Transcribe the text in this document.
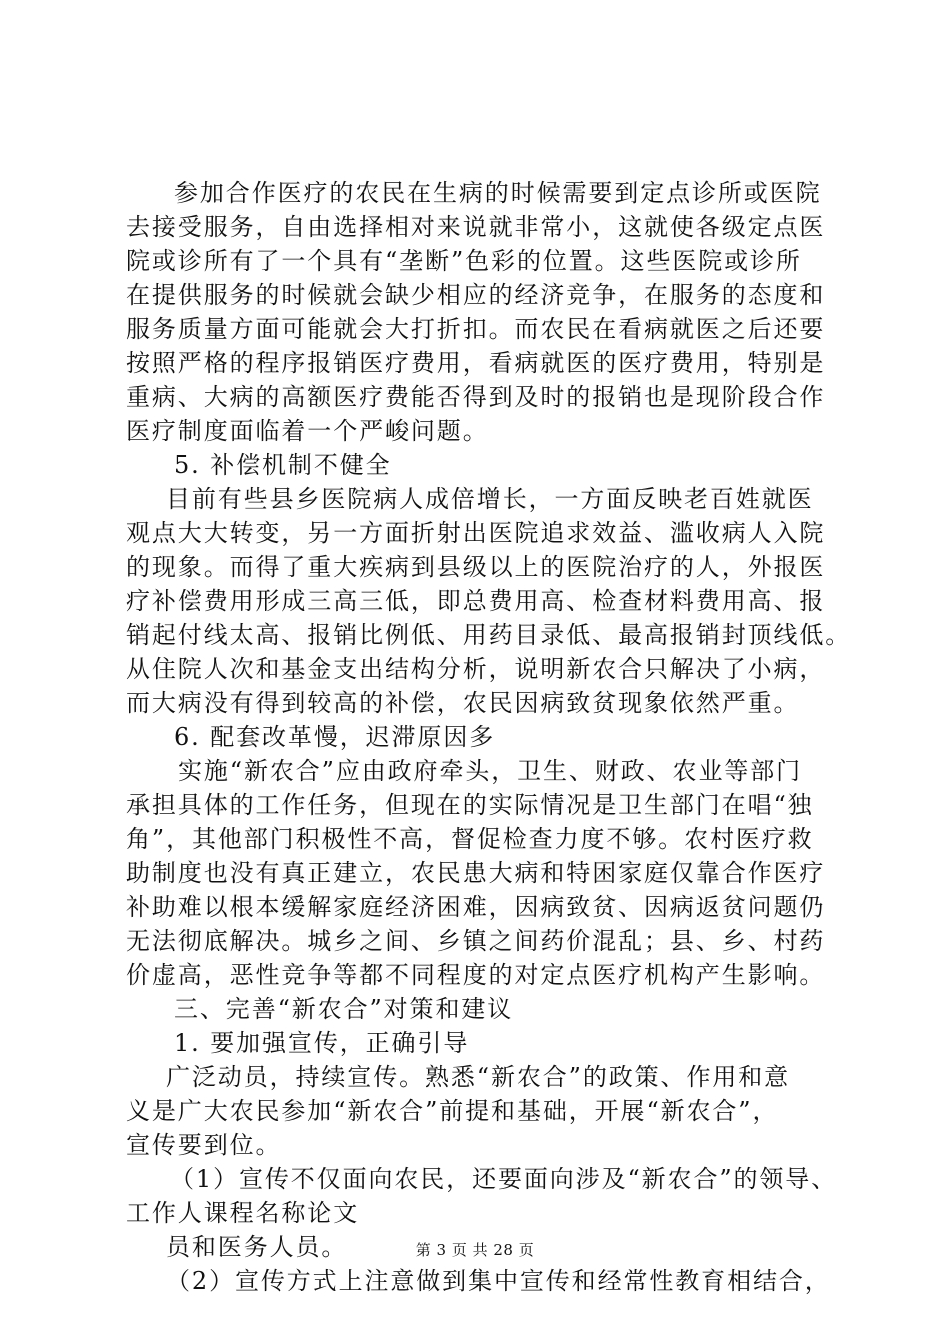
参加合作医疗的农民在生病的时候需要到定点诊所或医院
去接受服务，自由选择相对来说就非常小，这就使各级定点医
院或诊所有了一个具有“垄断”色彩的位置。这些医院或诊所
在提供服务的时候就会缺少相应的经济竞争，在服务的态度和
服务质量方面可能就会大打折扣。而农民在看病就医之后还要
按照严格的程序报销医疗费用，看病就医的医疗费用，特别是
重病、大病的高额医疗费能否得到及时的报销也是现阶段合作
医疗制度面临着一个严峻问题。
5. 补偿机制不健全
目前有些县乡医院病人成倍增长，一方面反映老百姓就医
观点大大转变，另一方面折射出医院追求效益、滥收病人入院
的现象。而得了重大疾病到县级以上的医院治疗的人，外报医
疗补偿费用形成三高三低，即总费用高、检查材料费用高、报
销起付线太高、报销比例低、用药目录低、最高报销封顶线低。
从住院人次和基金支出结构分析，说明新农合只解决了小病，
而大病没有得到较高的补偿，农民因病致贫现象依然严重。
6. 配套改革慢，迟滞原因多
实施“新农合”应由政府牵头，卫生、财政、农业等部门
承担具体的工作任务，但现在的实际情况是卫生部门在唱“独
角”，其他部门积极性不高，督促检查力度不够。农村医疗救
助制度也没有真正建立，农民患大病和特困家庭仅靠合作医疗
补助难以根本缓解家庭经济困难，因病致贫、因病返贫问题仍
无法彻底解决。城乡之间、乡镇之间药价混乱；县、乡、村药
价虚高，恶性竞争等都不同程度的对定点医疗机构产生影响。
三、完善“新农合”对策和建议
1. 要加强宣传，正确引导
广泛动员，持续宣传。熟悉“新农合”的政策、作用和意
义是广大农民参加“新农合”前提和基础，开展“新农合”，
宣传要到位。
（1）宣传不仅面向农民，还要面向涉及“新农合”的领导、
工作人课程名称论文
员和医务人员。
（2）宣传方式上注意做到集中宣传和经常性教育相结合，
第 3 页 共 28 页
